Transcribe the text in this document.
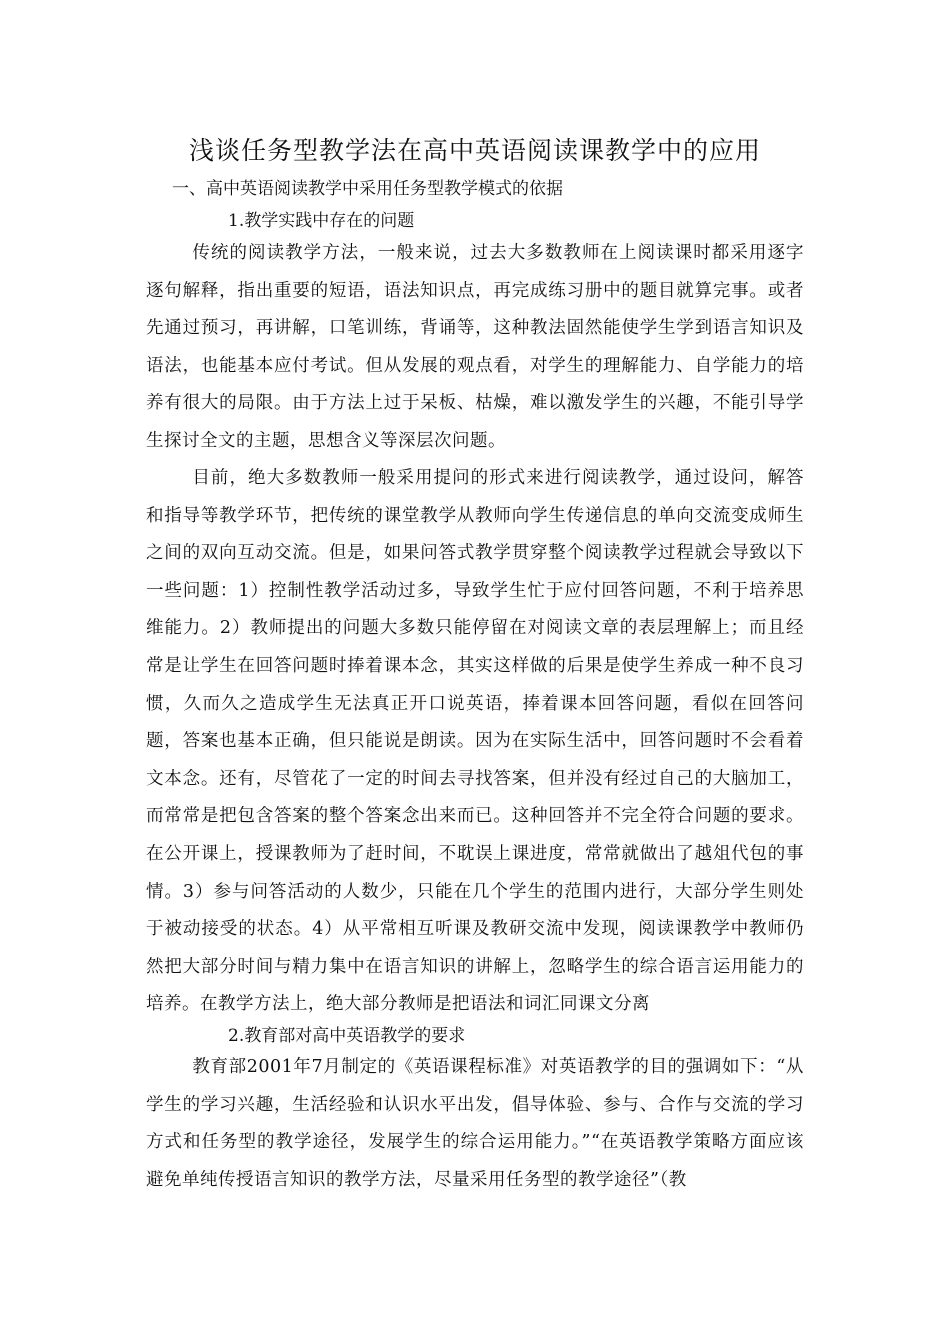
浅谈任务型教学法在高中英语阅读课教学中的应用
一、高中英语阅读教学中采用任务型教学模式的依据
1.教学实践中存在的问题

传统的阅读教学方法，一般来说，过去大多数教师在上阅读课时都采用逐字逐句解释，指出重要的短语，语法知识点，再完成练习册中的题目就算完事。或者先通过预习，再讲解，口笔训练，背诵等，这种教法固然能使学生学到语言知识及语法，也能基本应付考试。但从发展的观点看，对学生的理解能力、自学能力的培养有很大的局限。由于方法上过于呆板、枯燥，难以激发学生的兴趣，不能引导学生探讨全文的主题，思想含义等深层次问题。

目前，绝大多数教师一般采用提问的形式来进行阅读教学，通过设问，解答和指导等教学环节，把传统的课堂教学从教师向学生传递信息的单向交流变成师生之间的双向互动交流。但是，如果问答式教学贯穿整个阅读教学过程就会导致以下一些问题：1）控制性教学活动过多，导致学生忙于应付回答问题，不利于培养思维能力。2）教师提出的问题大多数只能停留在对阅读文章的表层理解上；而且经常是让学生在回答问题时捧着课本念，其实这样做的后果是使学生养成一种不良习惯，久而久之造成学生无法真正开口说英语，捧着课本回答问题，看似在回答问题，答案也基本正确，但只能说是朗读。因为在实际生活中，回答问题时不会看着文本念。还有，尽管花了一定的时间去寻找答案，但并没有经过自己的大脑加工，而常常是把包含答案的整个答案念出来而已。这种回答并不完全符合问题的要求。在公开课上，授课教师为了赶时间，不耽误上课进度，常常就做出了越俎代包的事情。3）参与问答活动的人数少，只能在几个学生的范围内进行，大部分学生则处于被动接受的状态。4）从平常相互听课及教研交流中发现，阅读课教学中教师仍然把大部分时间与精力集中在语言知识的讲解上，忽略学生的综合语言运用能力的培养。在教学方法上，绝大部分教师是把语法和词汇同课文分离

2.教育部对高中英语教学的要求

教育部2001年7月制定的《英语课程标准》对英语教学的目的强调如下：“从学生的学习兴趣，生活经验和认识水平出发，倡导体验、参与、合作与交流的学习方式和任务型的教学途径，发展学生的综合运用能力。”“在英语教学策略方面应该避免单纯传授语言知识的教学方法，尽量采用任务型的教学途径”（教
